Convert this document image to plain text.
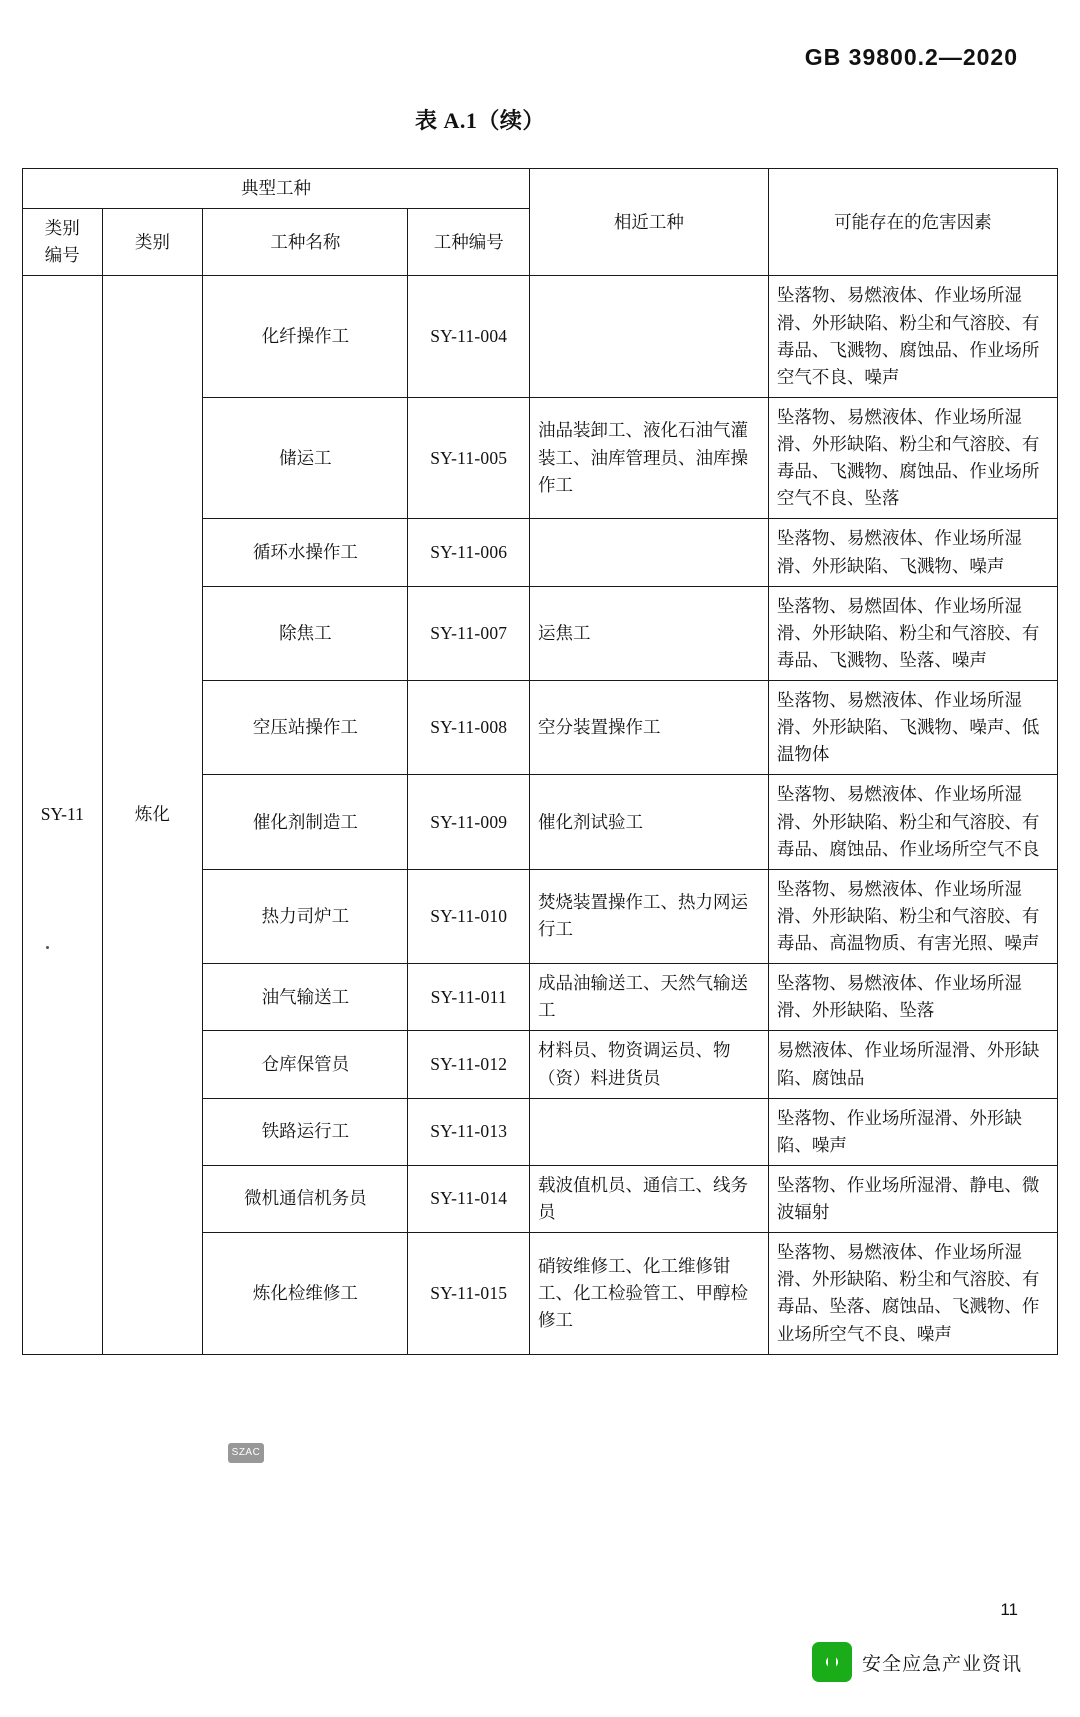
GB 39800.2—2020
表 A.1（续）
典型工种				相近工种	可能存在的危害因素

类别
编号	类别	工种名称	工种编号		
SY-11	炼化	化纤操作工	SY-11-004		坠落物、易燃液体、作业场所湿滑、外形缺陷、粉尘和气溶胶、有毒品、飞溅物、腐蚀品、作业场所空气不良、噪声
		储运工	SY-11-005	油品装卸工、液化石油气灌装工、油库管理员、油库操作工	坠落物、易燃液体、作业场所湿滑、外形缺陷、粉尘和气溶胶、有毒品、飞溅物、腐蚀品、作业场所空气不良、坠落
		循环水操作工	SY-11-006		坠落物、易燃液体、作业场所湿滑、外形缺陷、飞溅物、噪声
		除焦工	SY-11-007	运焦工	坠落物、易燃固体、作业场所湿滑、外形缺陷、粉尘和气溶胶、有毒品、飞溅物、坠落、噪声
		空压站操作工	SY-11-008	空分装置操作工	坠落物、易燃液体、作业场所湿滑、外形缺陷、飞溅物、噪声、低温物体
		催化剂制造工	SY-11-009	催化剂试验工	坠落物、易燃液体、作业场所湿滑、外形缺陷、粉尘和气溶胶、有毒品、腐蚀品、作业场所空气不良
		热力司炉工	SY-11-010	焚烧装置操作工、热力网运行工	坠落物、易燃液体、作业场所湿滑、外形缺陷、粉尘和气溶胶、有毒品、高温物质、有害光照、噪声
		油气输送工	SY-11-011	成品油输送工、天然气输送工	坠落物、易燃液体、作业场所湿滑、外形缺陷、坠落
		仓库保管员	SY-11-012	材料员、物资调运员、物（资）料进货员	易燃液体、作业场所湿滑、外形缺陷、腐蚀品
		铁路运行工	SY-11-013		坠落物、作业场所湿滑、外形缺陷、噪声
		微机通信机务员	SY-11-014	载波值机员、通信工、线务员	坠落物、作业场所湿滑、静电、微波辐射
		炼化检维修工	SY-11-015	硝铵维修工、化工维修钳工、化工检验管工、甲醇检修工	坠落物、易燃液体、作业场所湿滑、外形缺陷、粉尘和气溶胶、有毒品、坠落、腐蚀品、飞溅物、作业场所空气不良、噪声
SZAC
11
安全应急产业资讯
